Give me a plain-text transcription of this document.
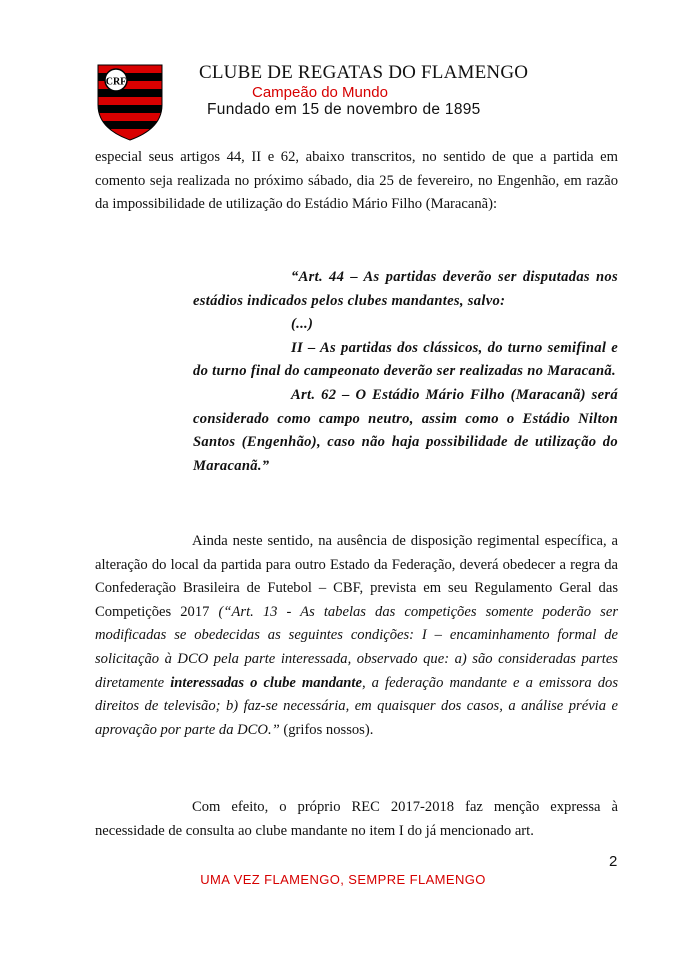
CRF	CLUBE DE REGATAS DO FLAMENGO
Campeão do Mundo
Fundado em 15 de novembro de 1895

especial seus artigos 44, II e 62, abaixo transcritos, no sentido de que a partida em comento seja realizada no próximo sábado, dia 25 de fevereiro, no Engenhão, em razão da impossibilidade de utilização do Estádio Mário Filho (Maracanã):

“Art. 44 – As partidas deverão ser disputadas nos estádios indicados pelos clubes mandantes, salvo:
(...)
II – As partidas dos clássicos, do turno semifinal e do turno final do campeonato deverão ser realizadas no Maracanã.
Art. 62 – O Estádio Mário Filho (Maracanã) será considerado como campo neutro, assim como o Estádio Nilton Santos (Engenhão), caso não haja possibilidade de utilização do Maracanã.”

Ainda neste sentido, na ausência de disposição regimental específica, a alteração do local da partida para outro Estado da Federação, deverá obedecer a regra da Confederação Brasileira de Futebol – CBF, prevista em seu Regulamento Geral das Competições 2017 (“Art. 13 - As tabelas das competições somente poderão ser modificadas se obedecidas as seguintes condições: I – encaminhamento formal de solicitação à DCO pela parte interessada, observado que: a) são consideradas partes diretamente interessadas o clube mandante, a federação mandante e a emissora dos direitos de televisão; b) faz-se necessária, em quaisquer dos casos, a análise prévia e aprovação por parte da DCO.” (grifos nossos).

Com efeito, o próprio REC 2017-2018 faz menção expressa à necessidade de consulta ao clube mandante no item I do já mencionado art.

2
UMA VEZ FLAMENGO, SEMPRE FLAMENGO
